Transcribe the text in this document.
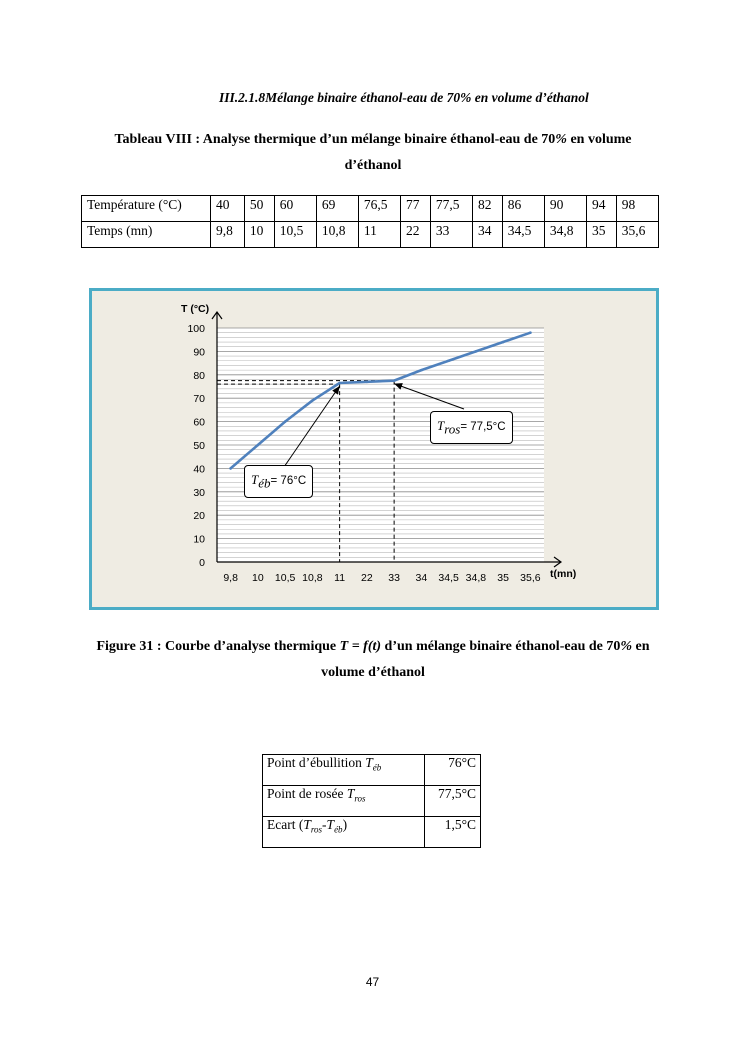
III.2.1.8Mélange binaire éthanol-eau de 70% en volume d’éthanol
Tableau VIII : Analyse thermique d’un mélange binaire éthanol-eau de 70% en volume d’éthanol
Température (°C)	40	50	60	69	76,5	77	77,5	82	86	90	94	98
Temps (mn)	9,8	10	10,5	10,8	11	22	33	34	34,5	34,8	35	35,6
0
10
20
30
40
50
60
70
80
90
100
9,8 10 10,5 10,8 11 22 33 34 34,5 34,8 35 35,6
T (°C)
t(mn)
$T_{éb}= 76^\circ C$
$T_{ros}= 77,5^\circ C$
Figure 31 : Courbe d’analyse thermique T = f(t) d’un mélange binaire éthanol-eau de 70% en volume d’éthanol
Point d’ébullition $T_{éb}$	76°C
Point de rosée $T_{ros}$	77,5°C
Ecart $(T_{ros}-T_{éb})$	1,5°C
47
